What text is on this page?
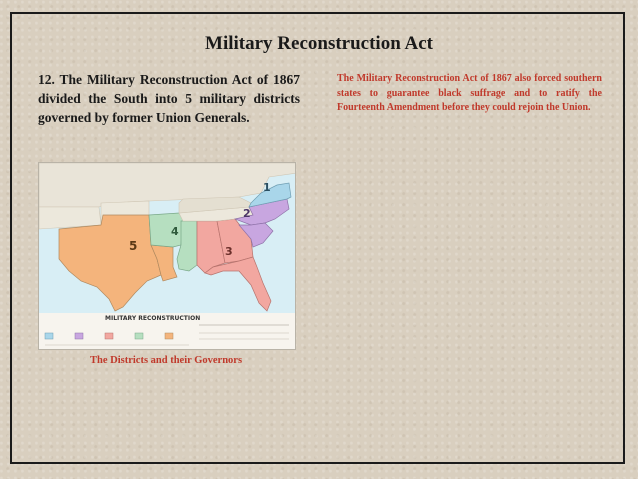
Military Reconstruction Act
12. The Military Reconstruction Act of 1867 divided the South into 5 military districts governed by former Union Generals.
The Military Reconstruction Act of 1867 also forced southern states to guarantee black suffrage and to ratify the Fourteenth Amendment before they could rejoin the Union.
1
2
3
4
5
MILITARY RECONSTRUCTION
The Districts and their Governors
